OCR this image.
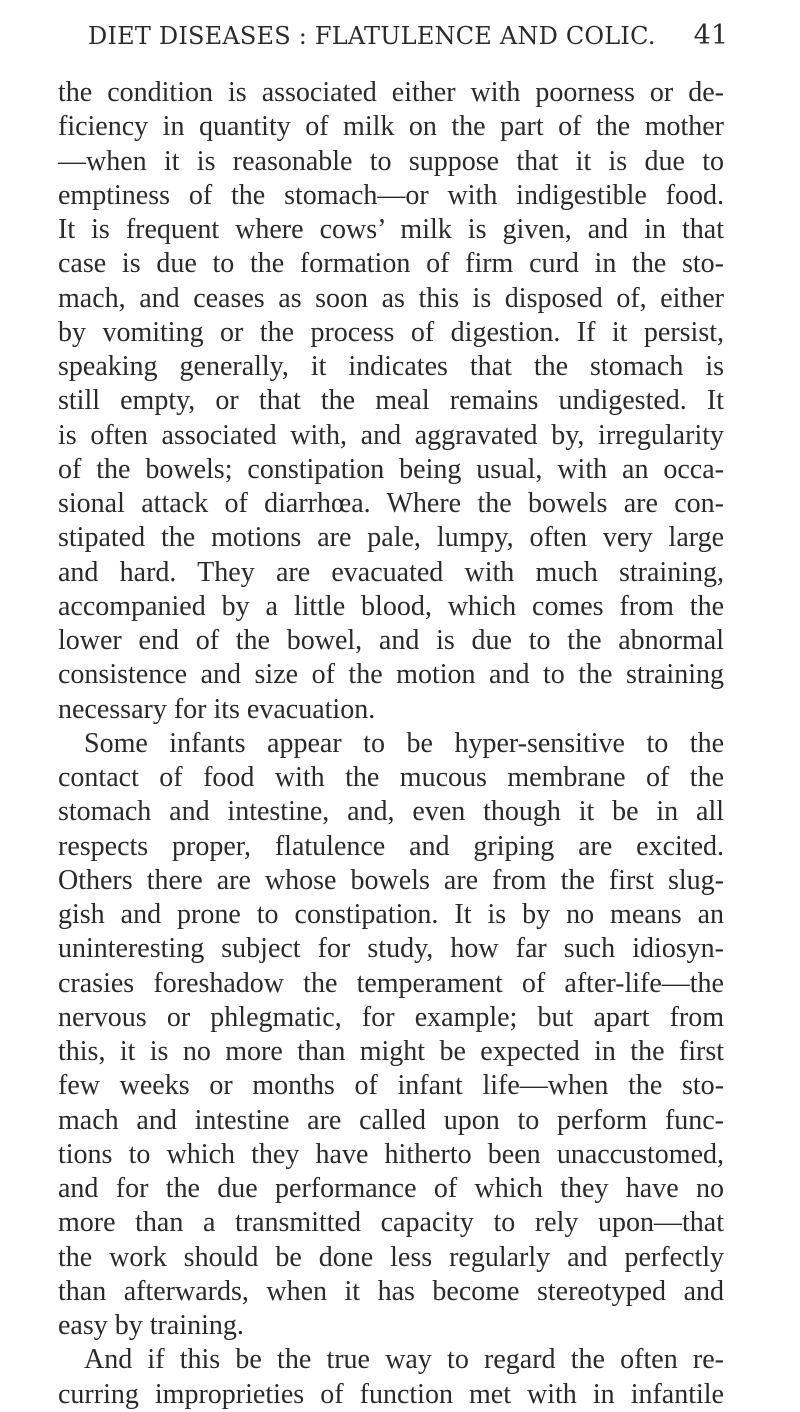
DIET DISEASES : FLATULENCE AND COLIC. 41
the condition is associated either with poorness or de-
ficiency in quantity of milk on the part of the mother
—when it is reasonable to suppose that it is due to
emptiness of the stomach—or with indigestible food.
It is frequent where cows’ milk is given, and in that
case is due to the formation of firm curd in the sto-
mach, and ceases as soon as this is disposed of, either
by vomiting or the process of digestion. If it persist,
speaking generally, it indicates that the stomach is
still empty, or that the meal remains undigested. It
is often associated with, and aggravated by, irregularity
of the bowels; constipation being usual, with an occa-
sional attack of diarrhœa. Where the bowels are con-
stipated the motions are pale, lumpy, often very large
and hard. They are evacuated with much straining,
accompanied by a little blood, which comes from the
lower end of the bowel, and is due to the abnormal
consistence and size of the motion and to the straining
necessary for its evacuation.
Some infants appear to be hyper-sensitive to the
contact of food with the mucous membrane of the
stomach and intestine, and, even though it be in all
respects proper, flatulence and griping are excited.
Others there are whose bowels are from the first slug-
gish and prone to constipation. It is by no means an
uninteresting subject for study, how far such idiosyn-
crasies foreshadow the temperament of after-life—the
nervous or phlegmatic, for example; but apart from
this, it is no more than might be expected in the first
few weeks or months of infant life—when the sto-
mach and intestine are called upon to perform func-
tions to which they have hitherto been unaccustomed,
and for the due performance of which they have no
more than a transmitted capacity to rely upon—that
the work should be done less regularly and perfectly
than afterwards, when it has become stereotyped and
easy by training.
And if this be the true way to regard the often re-
curring improprieties of function met with in infantile
